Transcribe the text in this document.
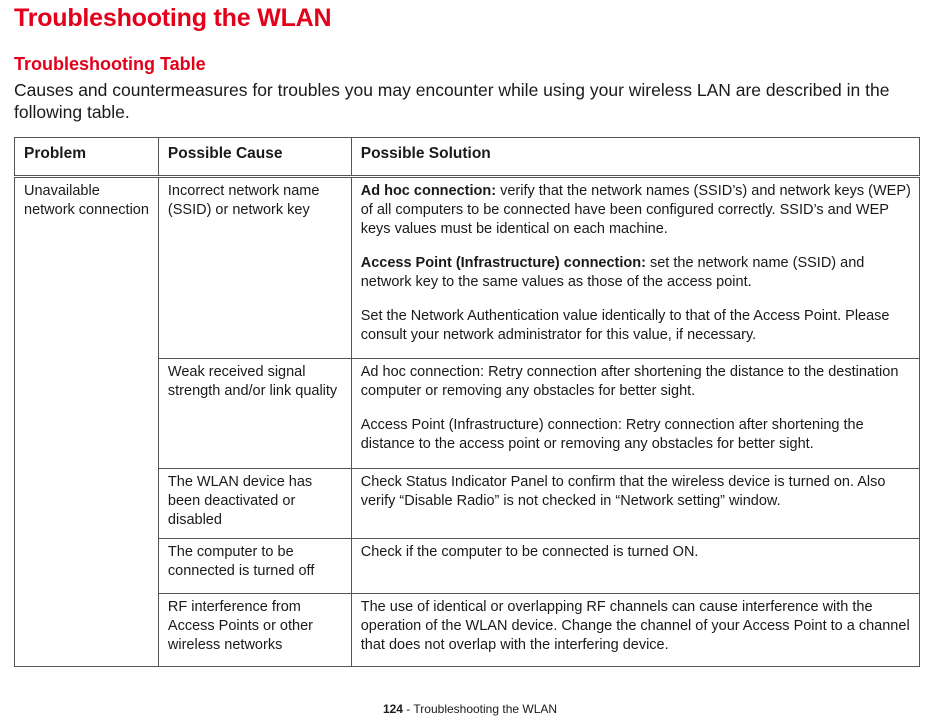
Troubleshooting the WLAN
Troubleshooting Table

Causes and countermeasures for troubles you may encounter while using your wireless LAN are described in the following table.

Problem	Possible Cause	Possible Solution
Unavailable network connection	Incorrect network name (SSID) or network key	Ad hoc connection: verify that the network names (SSID’s) and network keys (WEP) of all computers to be connected have been configured correctly. SSID’s and WEP keys values must be identical on each machine.

Access Point (Infrastructure) connection: set the network name (SSID) and network key to the same values as those of the access point.

Set the Network Authentication value identically to that of the Access Point. Please consult your network administrator for this value, if necessary.

	Weak received signal strength and/or link quality	Ad hoc connection: Retry connection after shortening the distance to the destination computer or removing any obstacles for better sight.

Access Point (Infrastructure) connection: Retry connection after shortening the distance to the access point or removing any obstacles for better sight.

	The WLAN device has been deactivated or disabled	Check Status Indicator Panel to confirm that the wireless device is turned on. Also verify “Disable Radio” is not checked in “Network setting” window.

	The computer to be connected is turned off	Check if the computer to be connected is turned ON.

	RF interference from Access Points or other wireless networks	The use of identical or overlapping RF channels can cause interference with the operation of the WLAN device. Change the channel of your Access Point to a channel that does not overlap with the interfering device.

124 - Troubleshooting the WLAN
